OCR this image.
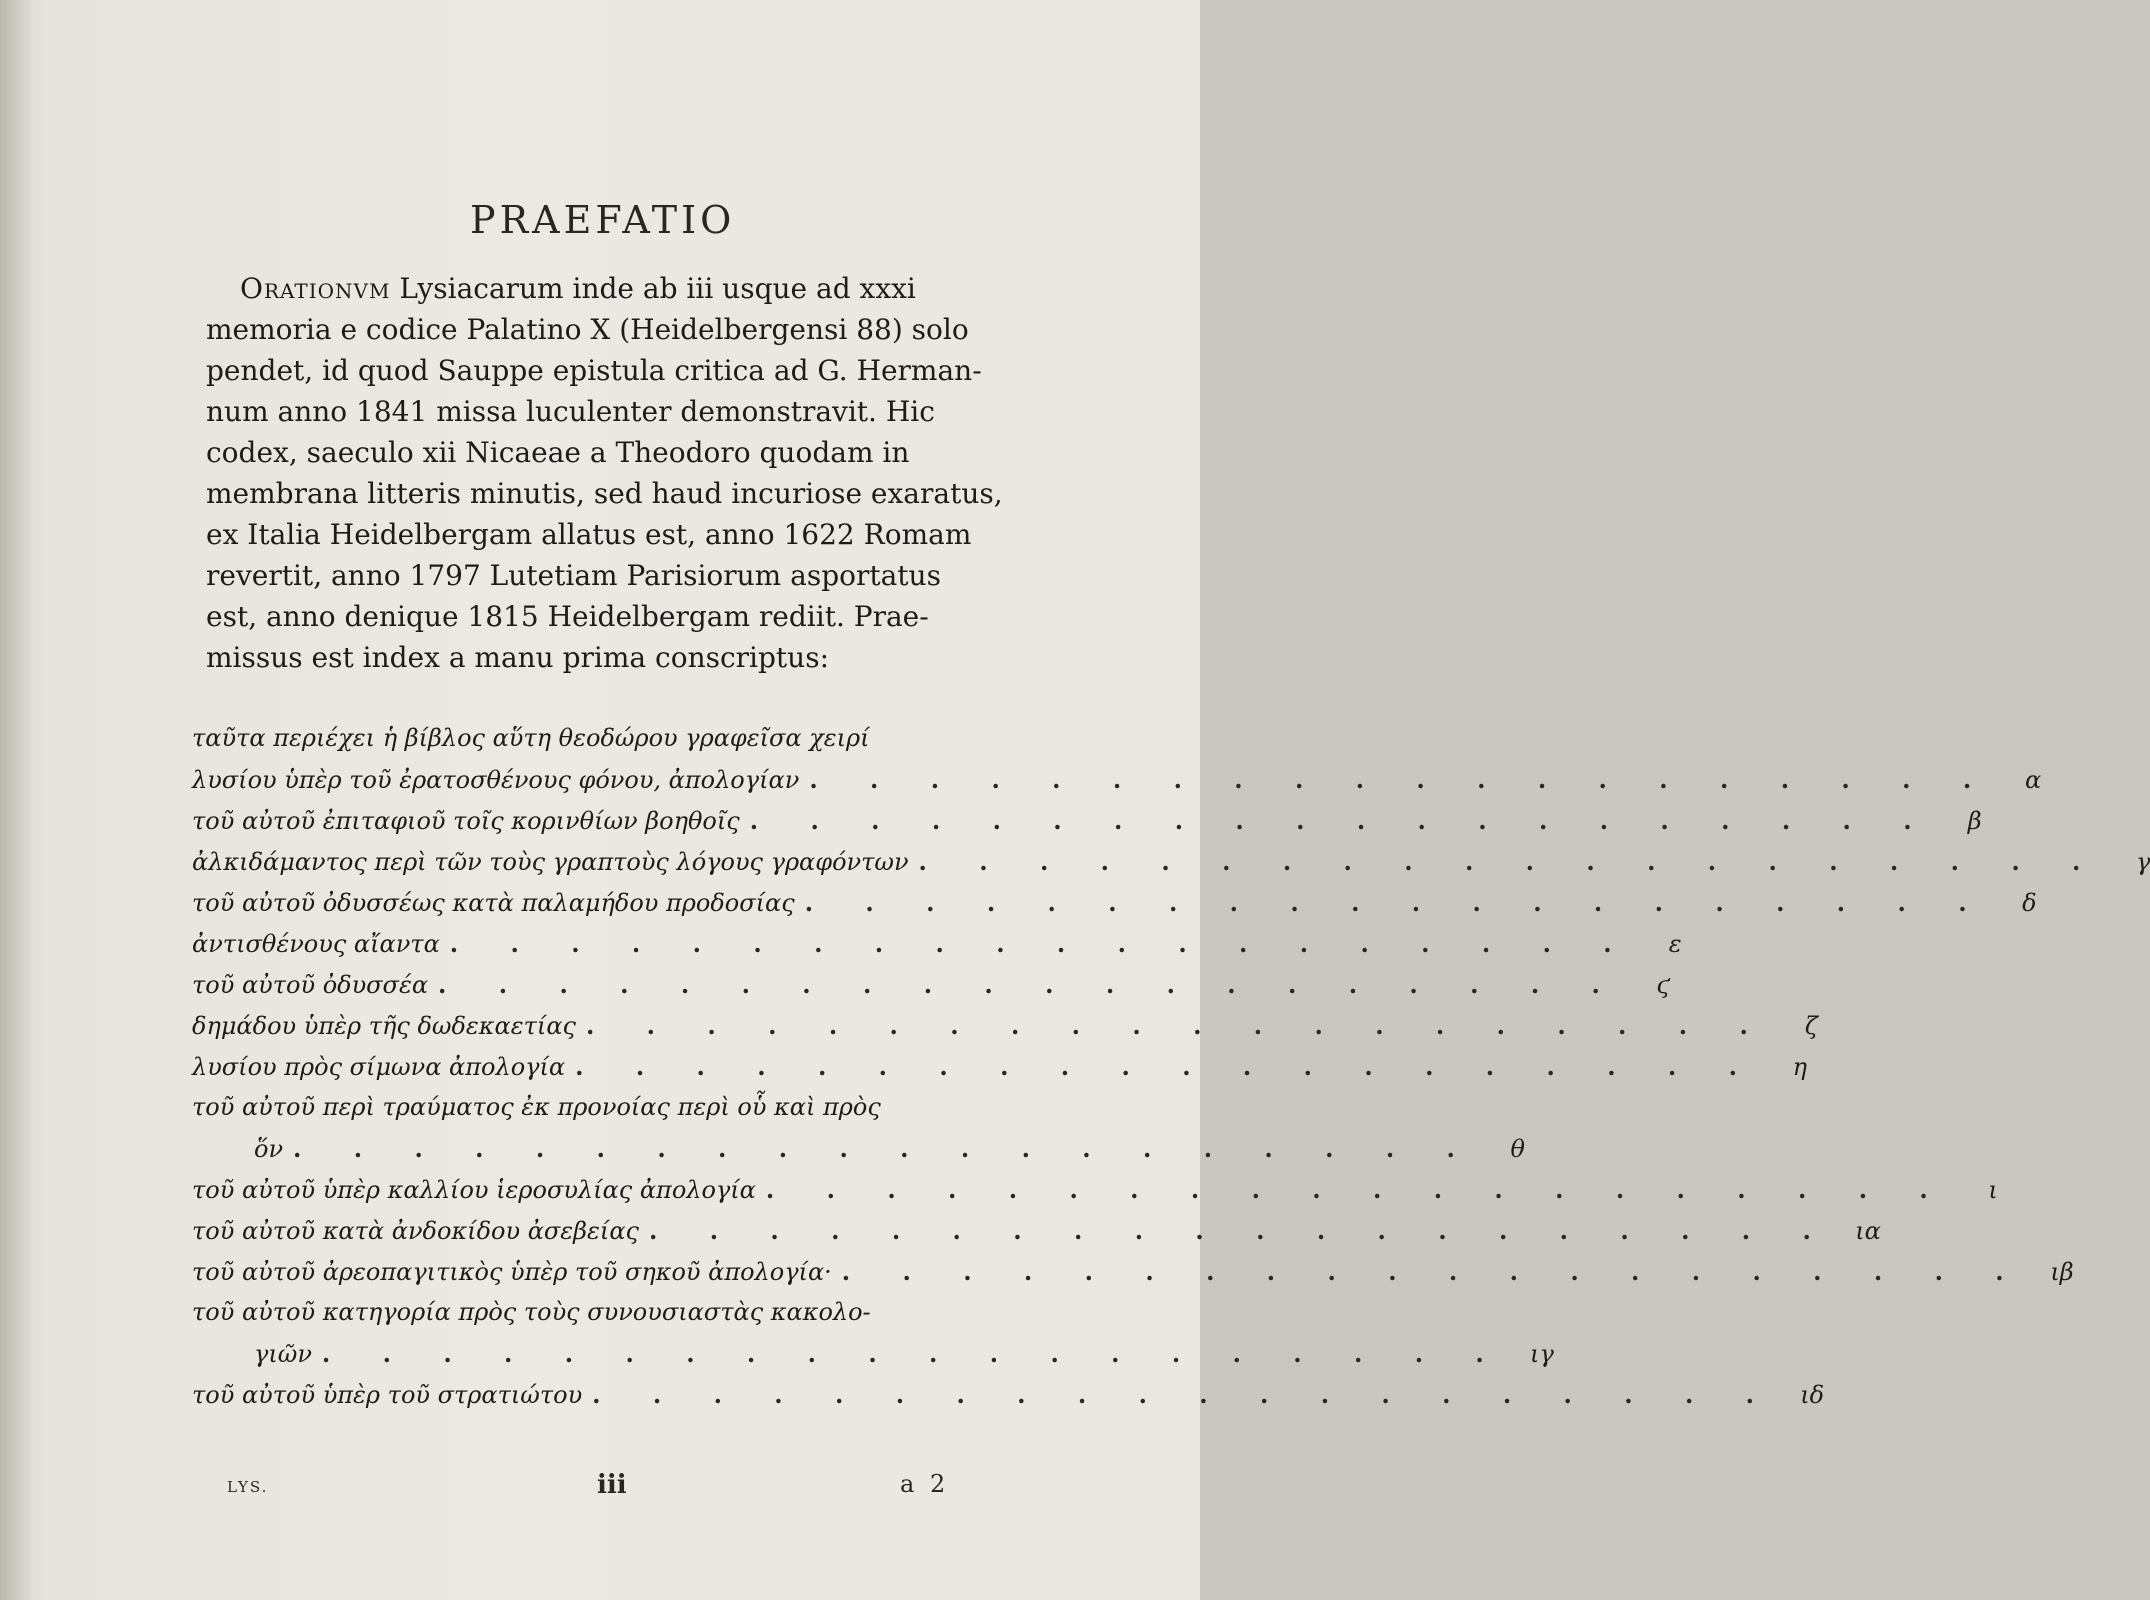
PRAEFATIO
Orationvm
Lysiacarum inde ab iii usque ad xxxi
memoria e codice Palatino X (Heidelbergensi 88) solo
pendet, id quod Sauppe epistula critica ad G. Herman-
num anno 1841 missa luculenter demonstravit. Hic
codex, saeculo xii Nicaeae a Theodoro quodam in
membrana litteris minutis, sed haud incuriose exaratus,
ex Italia Heidelbergam allatus est, anno 1622 Romam
revertit, anno 1797 Lutetiam Parisiorum asportatus
est, anno denique 1815 Heidelbergam rediit. Prae-
missus est index a manu prima conscriptus:
ταῦτα περιέχει ἡ βίβλος αὕτη θεοδώρου γραφεῖσα χειρί
λυσίου ὑπὲρ τοῦ ἐρατοσθένους φόνου, ἀπολογίαν . . . . . . . . . . . . . . . . . . . .	α
τοῦ αὐτοῦ ἐπιταφιοῦ τοῖς κορινθίων βοηθοῖς . . . . . . . . . . . . . . . . . . . .	β
ἀλκιδάμαντος περὶ τῶν τοὺς γραπτοὺς λόγους γραφόντων . . . . . . . . . . . . . . . . . . . .	γ
τοῦ αὐτοῦ ὀδυσσέως κατὰ παλαμήδου προδοσίας . . . . . . . . . . . . . . . . . . . .	δ
ἀντισθένους αἴαντα . . . . . . . . . . . . . . . . . . . .	ε
τοῦ αὐτοῦ ὀδυσσέα . . . . . . . . . . . . . . . . . . . .	ϛ
δημάδου ὑπὲρ τῆς δωδεκαετίας . . . . . . . . . . . . . . . . . . . .	ζ
λυσίου πρὸς σίμωνα ἀπολογία . . . . . . . . . . . . . . . . . . . .	η
τοῦ αὐτοῦ περὶ τραύματος ἐκ προνοίας περὶ οὗ καὶ πρὸς
ὅν . . . . . . . . . . . . . . . . . . . .	θ
τοῦ αὐτοῦ ὑπὲρ καλλίου ἱεροσυλίας ἀπολογία . . . . . . . . . . . . . . . . . . . .	ι
τοῦ αὐτοῦ κατὰ ἀνδοκίδου ἀσεβείας . . . . . . . . . . . . . . . . . . . . ια
τοῦ αὐτοῦ ἀρεοπαγιτικὸς ὑπὲρ τοῦ σηκοῦ ἀπολογία· . . . . . . . . . . . . . . . . . . . .	ιβ
τοῦ αὐτοῦ κατηγορία πρὸς τοὺς συνουσιαστὰς κακολο-
γιῶν . . . . . . . . . . . . . . . . . . . .	ιγ
τοῦ αὐτοῦ ὑπὲρ τοῦ στρατιώτου . . . . . . . . . . . . . . . . . . . .	ιδ
LYS.	iii	a 2
